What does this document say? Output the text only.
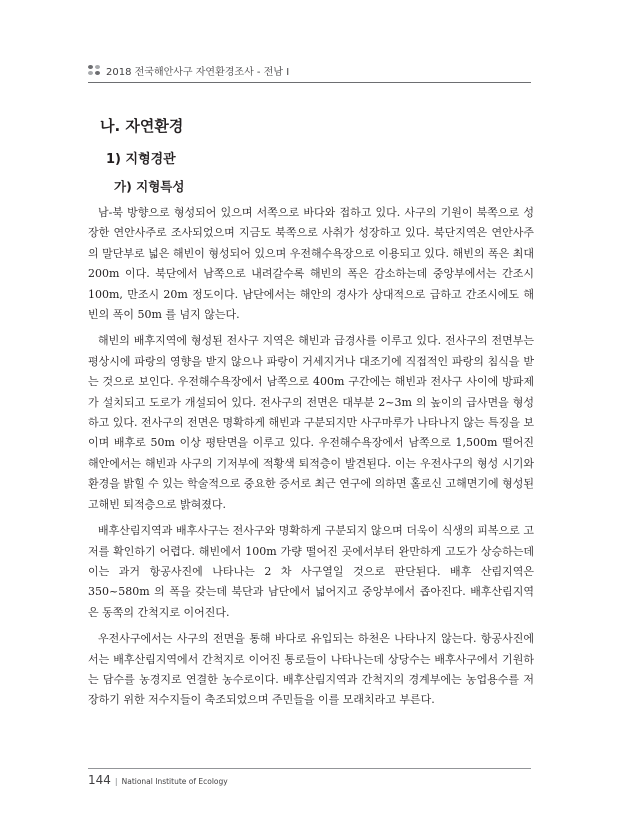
2018 전국해안사구 자연환경조사 - 전남 I
나. 자연환경
1) 지형경관
가) 지형특성

남-북 방향으로 형성되어 있으며 서쪽으로 바다와 접하고 있다. 사구의 기원이 북쪽으로 성장한 연안사주로 조사되었으며 지금도 북쪽으로 사취가 성장하고 있다. 북단지역은 연안사주의 말단부로 넓은 해빈이 형성되어 있으며 우전해수욕장으로 이용되고 있다. 해빈의 폭은 최대 200m 이다. 북단에서 남쪽으로 내려갈수록 해빈의 폭은 감소하는데 중앙부에서는 간조시 100m, 만조시 20m 정도이다. 남단에서는 해안의 경사가 상대적으로 급하고 간조시에도 해빈의 폭이 50m 를 넘지 않는다.

해빈의 배후지역에 형성된 전사구 지역은 해빈과 급경사를 이루고 있다. 전사구의 전면부는 평상시에 파랑의 영향을 받지 않으나 파랑이 거세지거나 대조기에 직접적인 파랑의 침식을 받는 것으로 보인다. 우전해수욕장에서 남쪽으로 400m 구간에는 해빈과 전사구 사이에 방파제가 설치되고 도로가 개설되어 있다. 전사구의 전면은 대부분 2~3m 의 높이의 급사면을 형성하고 있다. 전사구의 전면은 명확하게 해빈과 구분되지만 사구마루가 나타나지 않는 특징을 보이며 배후로 50m 이상 평탄면을 이루고 있다. 우전해수욕장에서 남쪽으로 1,500m 떨어진 해안에서는 해빈과 사구의 기저부에 적황색 퇴적층이 발견된다. 이는 우전사구의 형성 시기와 환경을 밝힐 수 있는 학술적으로 중요한 증서로 최근 연구에 의하면 홀로신 고해면기에 형성된 고해빈 퇴적층으로 밝혀졌다.

배후산림지역과 배후사구는 전사구와 명확하게 구분되지 않으며 더욱이 식생의 피복으로 고저를 확인하기 어렵다. 해빈에서 100m 가량 떨어진 곳에서부터 완만하게 고도가 상승하는데 이는 과거 항공사진에 나타나는 2 차 사구열일 것으로 판단된다. 배후 산림지역은 350~580m 의 폭을 갖는데 북단과 남단에서 넓어지고 중앙부에서 좁아진다. 배후산림지역은 동쪽의 간척지로 이어진다.

우전사구에서는 사구의 전면을 통해 바다로 유입되는 하천은 나타나지 않는다. 항공사진에서는 배후산림지역에서 간척지로 이어진 통로들이 나타나는데 상당수는 배후사구에서 기원하는 담수를 농경지로 연결한 농수로이다. 배후산림지역과 간척지의 경계부에는 농업용수를 저장하기 위한 저수지들이 축조되었으며 주민들을 이를 모래치라고 부른다.

144 | National Institute of Ecology
